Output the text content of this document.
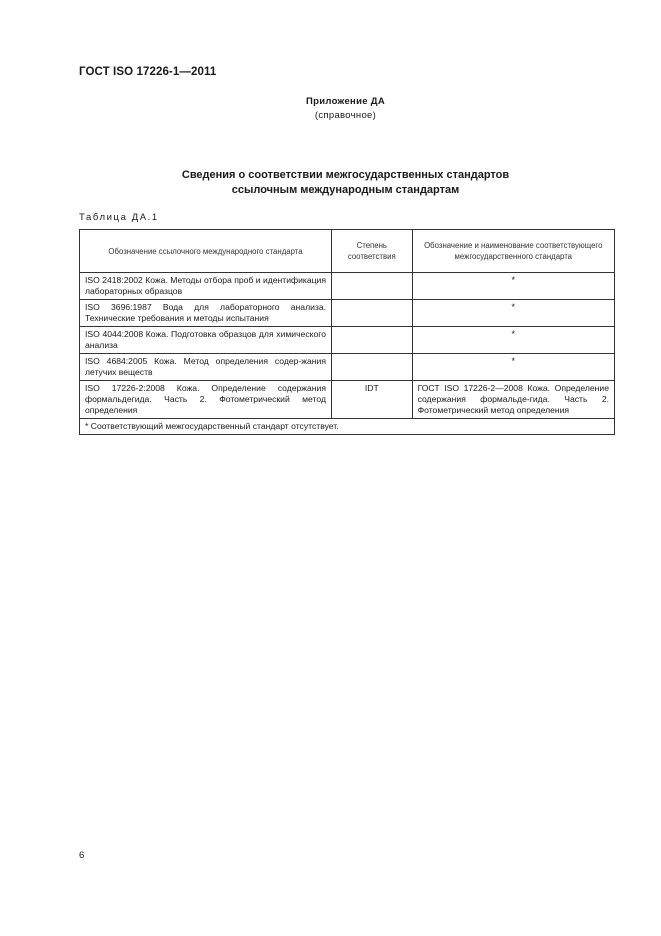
ГОСТ ISO 17226-1—2011
Приложение ДА
(справочное)
Сведения о соответствии межгосударственных стандартов
ссылочным международным стандартам
Таблица ДА.1
Обозначение ссылочного международного стандарта	Степень соответствия	Обозначение и наименование соответствующего межгосударственного стандарта
ISO 2418:2002 Кожа. Методы отбора проб и идентификация лабораторных образцов		*
ISO 3696:1987 Вода для лабораторного анализа. Технические требования и методы испытания		*
ISO 4044:2008 Кожа. Подготовка образцов для химического анализа		*
ISO 4684:2005 Кожа. Метод определения содер-жания летучих веществ		*
ISO 17226-2:2008 Кожа. Определение содержания формальдегида. Часть 2. Фотометрический метод определения	IDT	ГОСТ ISO 17226-2—2008 Кожа. Определение содержания формальде-гида. Часть 2. Фотометрический метод определения
* Соответствующий межгосударственный стандарт отсутствует.		
6
